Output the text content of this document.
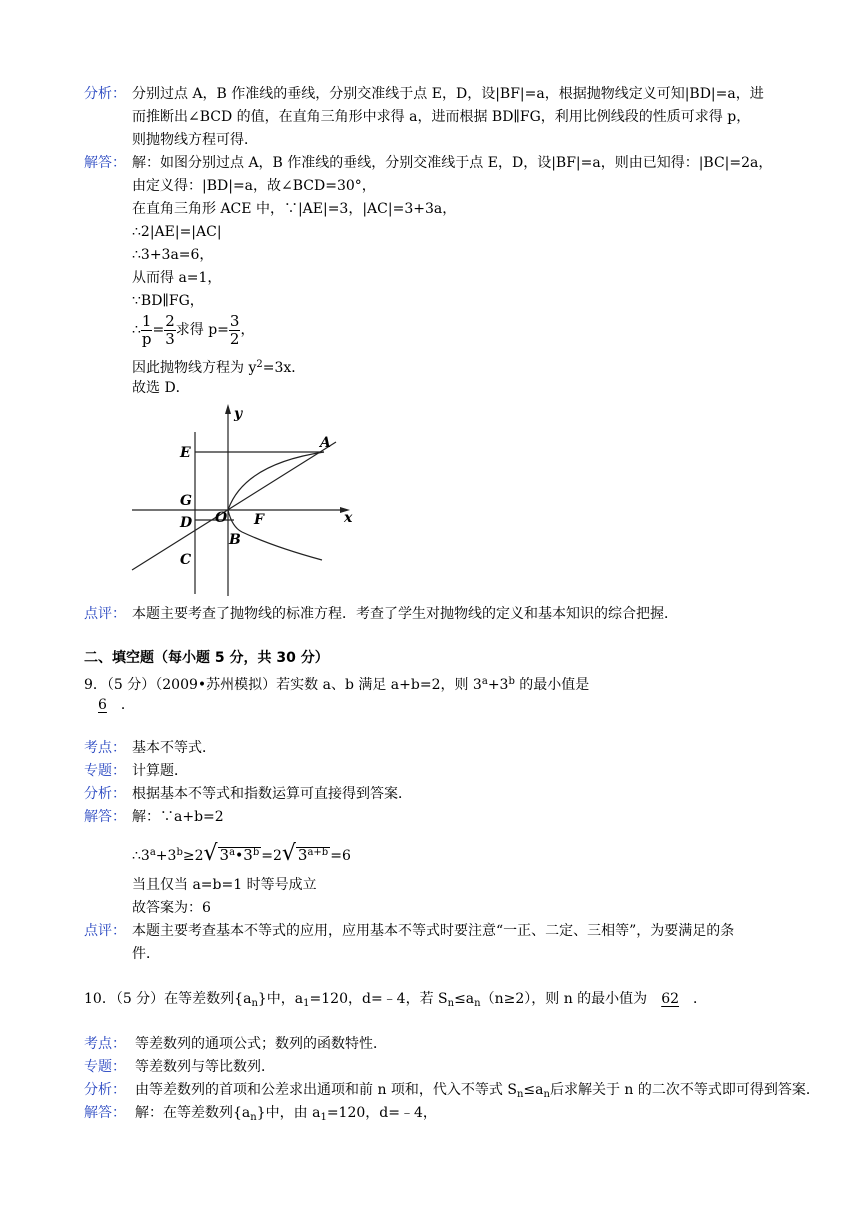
分析： 分别过点 A，B 作准线的垂线，分别交准线于点 E，D，设|BF|=a，根据抛物线定义可知|BD|=a，进
而推断出∠BCD 的值，在直角三角形中求得 a，进而根据 BD∥FG，利用比例线段的性质可求得 p，
则抛物线方程可得．
解答： 解：如图分别过点 A，B 作准线的垂线，分别交准线于点 E，D，设|BF|=a，则由已知得：|BC|=2a，
由定义得：|BD|=a，故∠BCD=30°，
在直角三角形 ACE 中，∵|AE|=3，|AC|=3+3a，
∴2|AE|=|AC|
∴3+3a=6，
从而得 a=1，
∵BD∥FG，
∴ $\frac{1}{p} = \frac{2}{3}$ 求得 $p= \frac{3}{2}$ ，
因此抛物线方程为 $y^2=3x$．
故选 D．
E
A
G
D O F
B
C
x
y
点评： 本题主要考查了抛物线的标准方程．考查了学生对抛物线的定义和基本知识的综合把握．
二、填空题（每小题 5 分，共 30 分）
9．（5 分）（2009•苏州模拟）若实数 a、b 满足 a+b=2，则 $3^a+3^b$ 的最小值是
6 ．
考点： 基本不等式．
专题： 计算题．
分析： 根据基本不等式和指数运算可直接得到答案．
解答： 解：∵a+b=2
$\therefore 3^a+3^b\ge 2√$ $3^a•3^b =2√$ $3^{a+b} =6$
当且仅当 a=b=1 时等号成立
故答案为：6
点评： 本题主要考查基本不等式的应用，应用基本不等式时要注意“一正、二定、三相等”，为要满足的条
件．
10．（5 分）在等差数列$\{a_n\}$中，$a_1=120$，d=﹣4，若 $S_n\le a_n(n\ge 2)$，则 n 的最小值为 62 ．
考点： 等差数列的通项公式；数列的函数特性．
专题： 等差数列与等比数列．
分析： 由等差数列的首项和公差求出通项和前 n 项和，代入不等式 $S_n\le a_n$后求解关于 n 的二次不等式即可得到答案．
解答： 解：在等差数列$\{a_n\}$中，由 $a_1=120$，d=﹣4，
